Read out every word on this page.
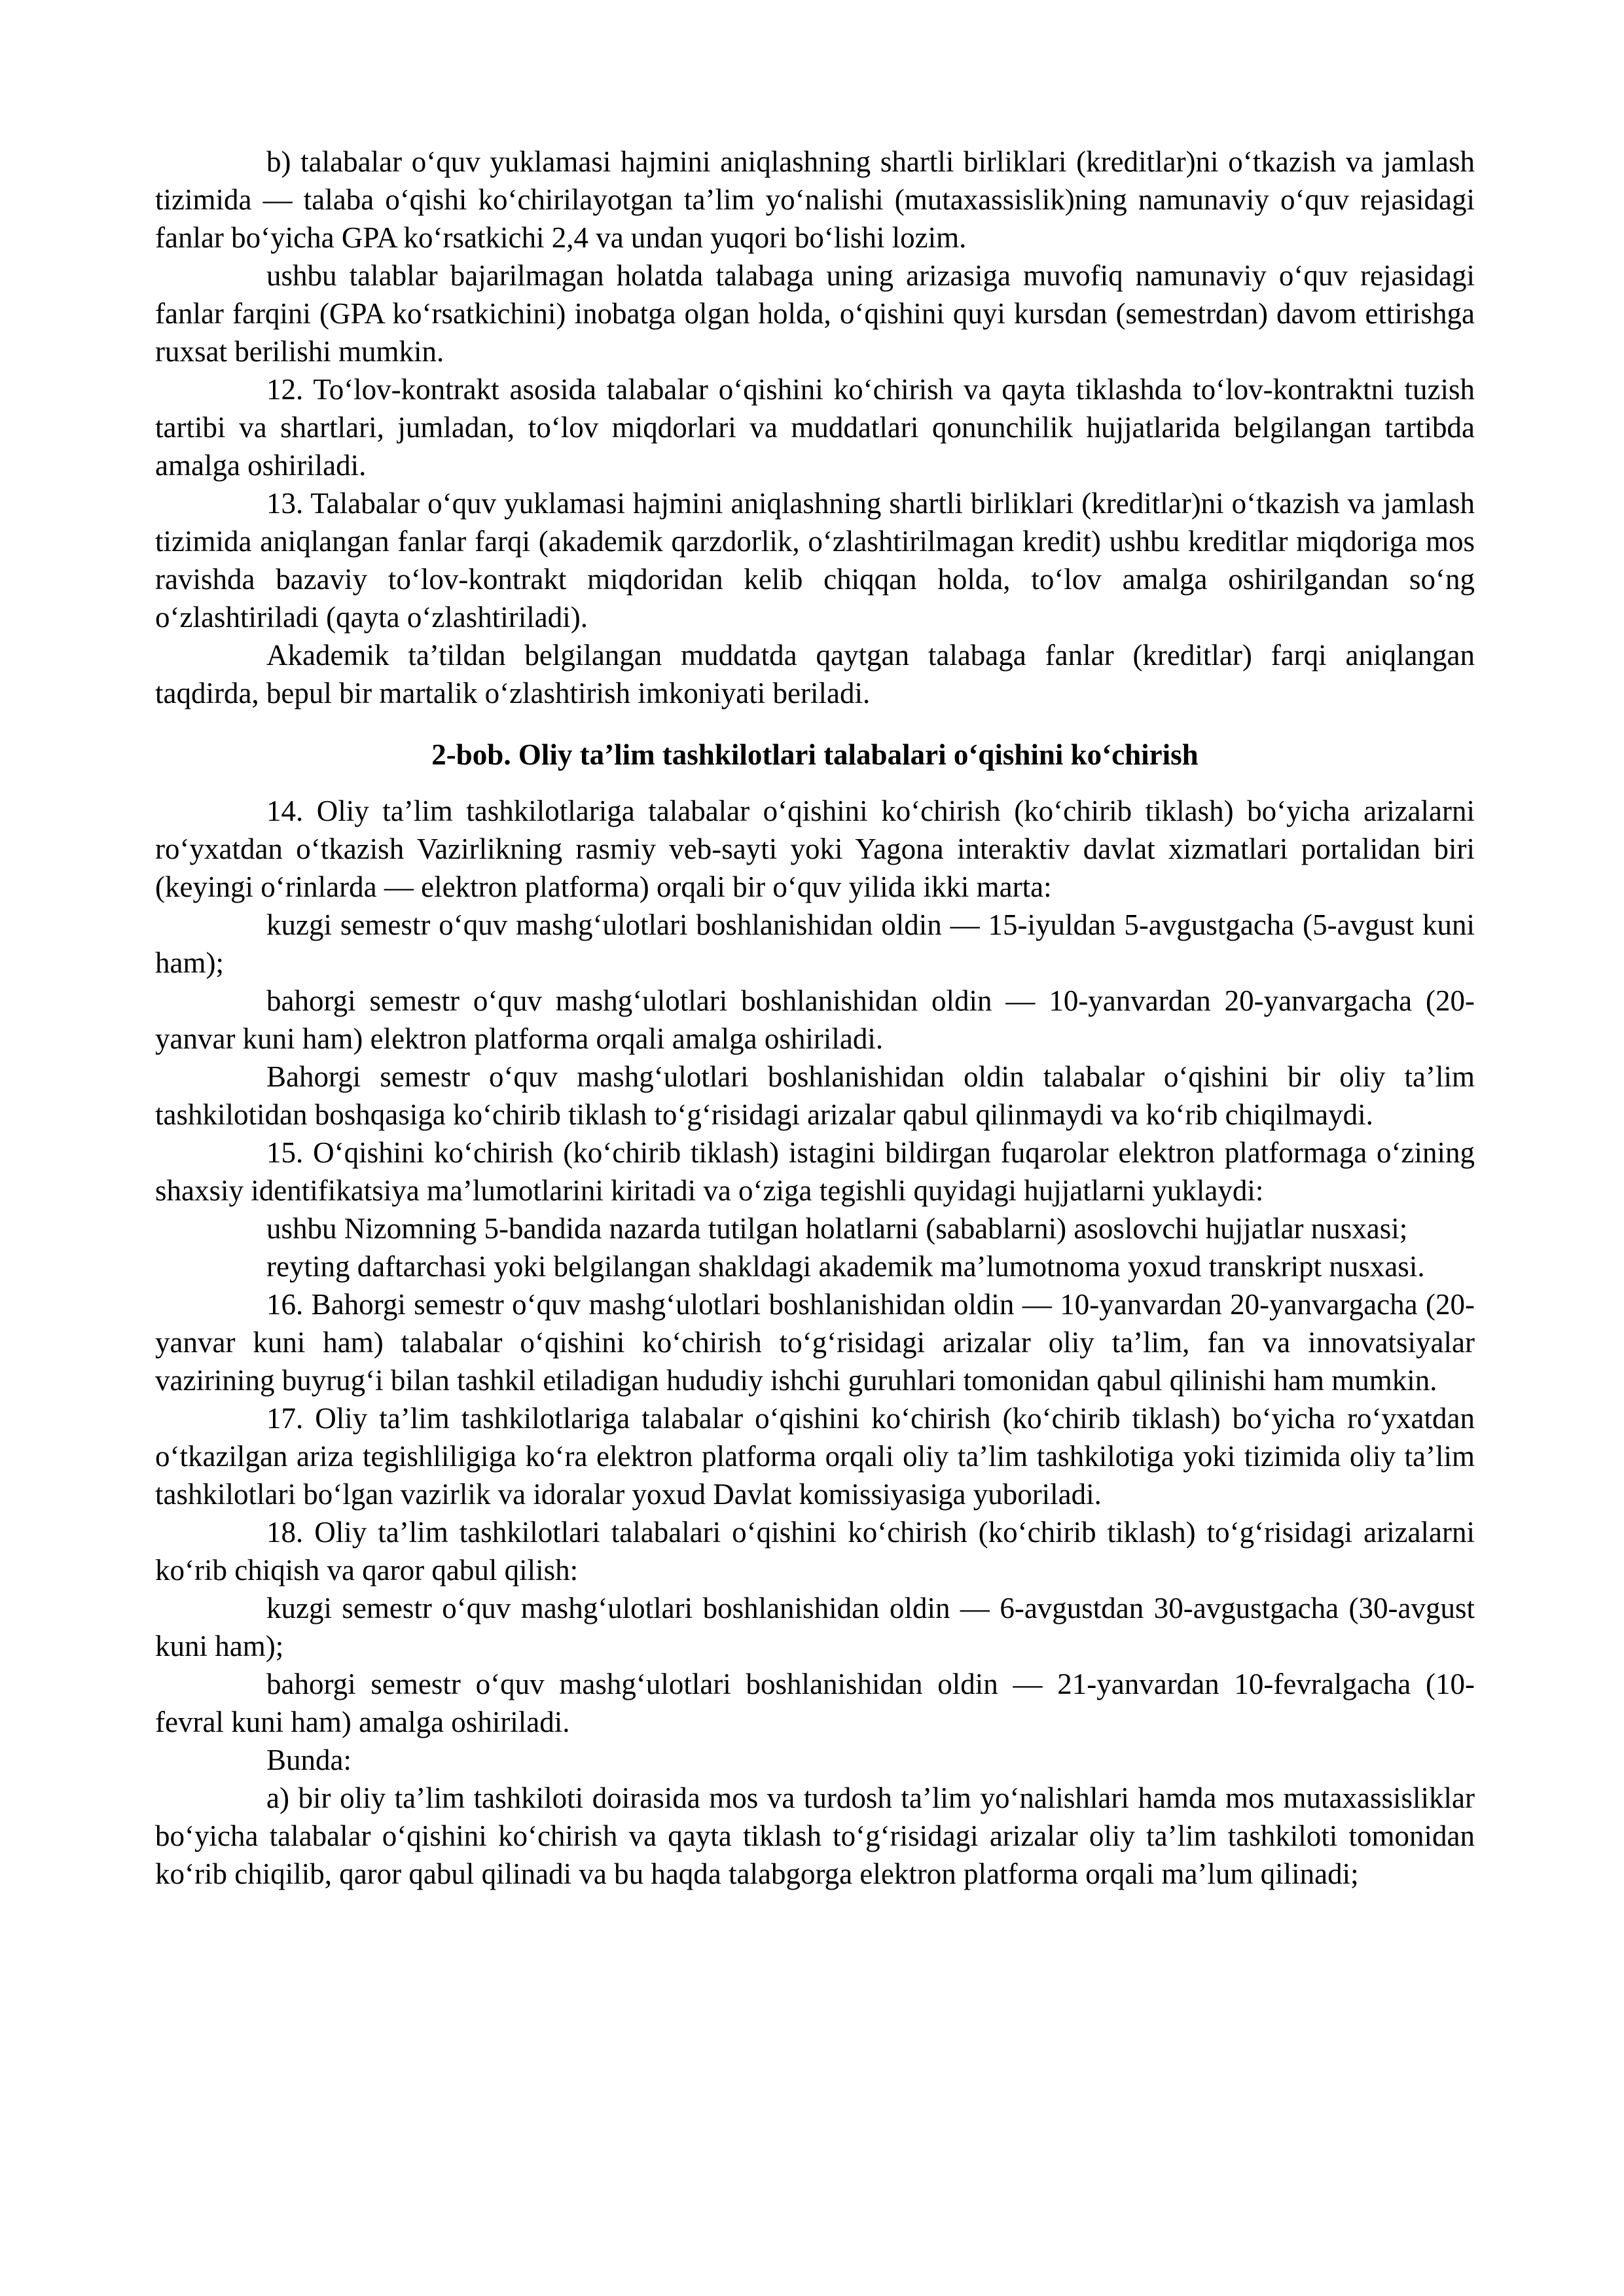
b) talabalar o‘quv yuklamasi hajmini aniqlashning shartli birliklari (kreditlar)ni o‘tkazish va jamlash tizimida — talaba o‘qishi ko‘chirilayotgan ta’lim yo‘nalishi (mutaxassislik)ning namunaviy o‘quv rejasidagi fanlar bo‘yicha GPA ko‘rsatkichi 2,4 va undan yuqori bo‘lishi lozim.

ushbu talablar bajarilmagan holatda talabaga uning arizasiga muvofiq namunaviy o‘quv rejasidagi fanlar farqini (GPA ko‘rsatkichini) inobatga olgan holda, o‘qishini quyi kursdan (semestrdan) davom ettirishga ruxsat berilishi mumkin.

12. To‘lov-kontrakt asosida talabalar o‘qishini ko‘chirish va qayta tiklashda to‘lov-kontraktni tuzish tartibi va shartlari, jumladan, to‘lov miqdorlari va muddatlari qonunchilik hujjatlarida belgilangan tartibda amalga oshiriladi.

13. Talabalar o‘quv yuklamasi hajmini aniqlashning shartli birliklari (kreditlar)ni o‘tkazish va jamlash tizimida aniqlangan fanlar farqi (akademik qarzdorlik, o‘zlashtirilmagan kredit) ushbu kreditlar miqdoriga mos ravishda bazaviy to‘lov-kontrakt miqdoridan kelib chiqqan holda, to‘lov amalga oshirilgandan so‘ng o‘zlashtiriladi (qayta o‘zlashtiriladi).

Akademik ta’tildan belgilangan muddatda qaytgan talabaga fanlar (kreditlar) farqi aniqlangan taqdirda, bepul bir martalik o‘zlashtirish imkoniyati beriladi.

2-bob. Oliy ta’lim tashkilotlari talabalari o‘qishini ko‘chirish

14. Oliy ta’lim tashkilotlariga talabalar o‘qishini ko‘chirish (ko‘chirib tiklash) bo‘yicha arizalarni ro‘yxatdan o‘tkazish Vazirlikning rasmiy veb-sayti yoki Yagona interaktiv davlat xizmatlari portalidan biri (keyingi o‘rinlarda — elektron platforma) orqali bir o‘quv yilida ikki marta:

kuzgi semestr o‘quv mashg‘ulotlari boshlanishidan oldin — 15-iyuldan 5-avgustgacha (5-avgust kuni ham);

bahorgi semestr o‘quv mashg‘ulotlari boshlanishidan oldin — 10-yanvardan 20-yanvargacha (20-yanvar kuni ham) elektron platforma orqali amalga oshiriladi.

Bahorgi semestr o‘quv mashg‘ulotlari boshlanishidan oldin talabalar o‘qishini bir oliy ta’lim tashkilotidan boshqasiga ko‘chirib tiklash to‘g‘risidagi arizalar qabul qilinmaydi va ko‘rib chiqilmaydi.

15. O‘qishini ko‘chirish (ko‘chirib tiklash) istagini bildirgan fuqarolar elektron platformaga o‘zining shaxsiy identifikatsiya ma’lumotlarini kiritadi va o‘ziga tegishli quyidagi hujjatlarni yuklaydi:

ushbu Nizomning 5-bandida nazarda tutilgan holatlarni (sabablarni) asoslovchi hujjatlar nusxasi;

reyting daftarchasi yoki belgilangan shakldagi akademik ma’lumotnoma yoxud transkript nusxasi.

16. Bahorgi semestr o‘quv mashg‘ulotlari boshlanishidan oldin — 10-yanvardan 20-yanvargacha (20-yanvar kuni ham) talabalar o‘qishini ko‘chirish to‘g‘risidagi arizalar oliy ta’lim, fan va innovatsiyalar vazirining buyrug‘i bilan tashkil etiladigan hududiy ishchi guruhlari tomonidan qabul qilinishi ham mumkin.

17. Oliy ta’lim tashkilotlariga talabalar o‘qishini ko‘chirish (ko‘chirib tiklash) bo‘yicha ro‘yxatdan o‘tkazilgan ariza tegishliligiga ko‘ra elektron platforma orqali oliy ta’lim tashkilotiga yoki tizimida oliy ta’lim tashkilotlari bo‘lgan vazirlik va idoralar yoxud Davlat komissiyasiga yuboriladi.

18. Oliy ta’lim tashkilotlari talabalari o‘qishini ko‘chirish (ko‘chirib tiklash) to‘g‘risidagi arizalarni ko‘rib chiqish va qaror qabul qilish:

kuzgi semestr o‘quv mashg‘ulotlari boshlanishidan oldin — 6-avgustdan 30-avgustgacha (30-avgust kuni ham);

bahorgi semestr o‘quv mashg‘ulotlari boshlanishidan oldin — 21-yanvardan 10-fevralgacha (10-fevral kuni ham) amalga oshiriladi.

Bunda:

a) bir oliy ta’lim tashkiloti doirasida mos va turdosh ta’lim yo‘nalishlari hamda mos mutaxassisliklar bo‘yicha talabalar o‘qishini ko‘chirish va qayta tiklash to‘g‘risidagi arizalar oliy ta’lim tashkiloti tomonidan ko‘rib chiqilib, qaror qabul qilinadi va bu haqda talabgorga elektron platforma orqali ma’lum qilinadi;
